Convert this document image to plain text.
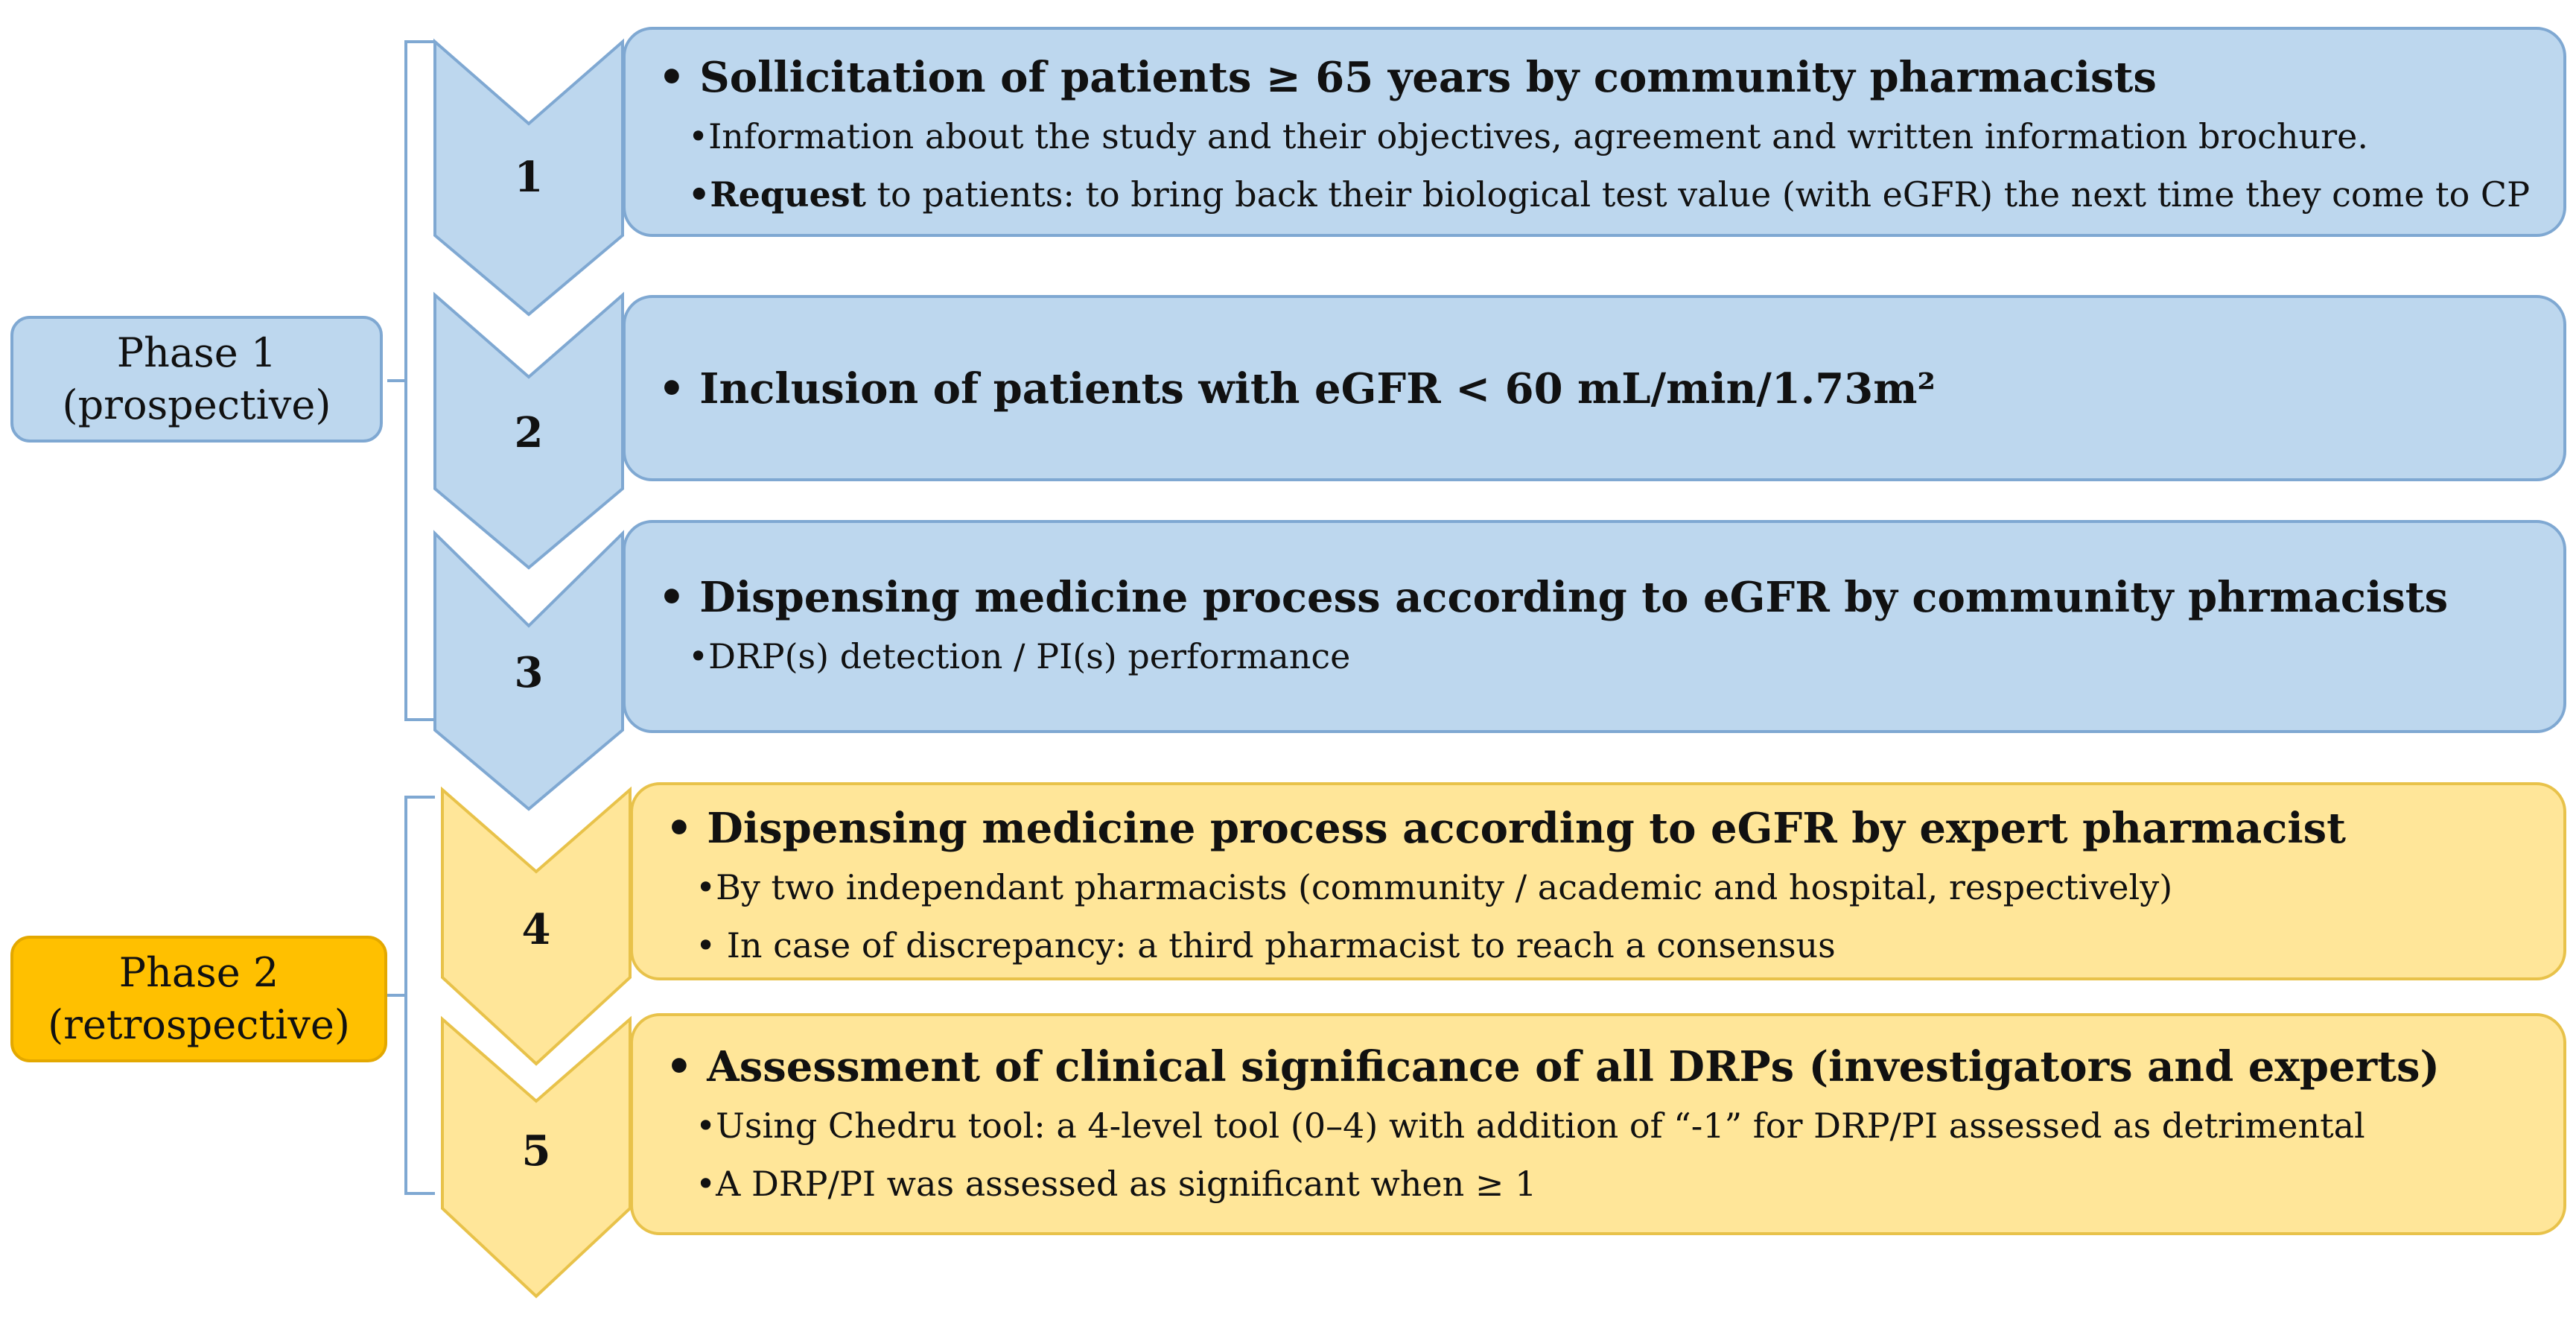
1
2
3
4
5
Phase 1
(prospective)
Phase 2
(retrospective)
• Sollicitation of patients ≥ 65 years by community pharmacists
•Information about the study and their objectives, agreement and written information brochure.
•Request to patients: to bring back their biological test value (with eGFR) the next time they come to CP
• Inclusion of patients with eGFR < 60 mL/min/1.73m²
• Dispensing medicine process according to eGFR by community phrmacists
•DRP(s) detection / PI(s) performance
• Dispensing medicine process according to eGFR by expert pharmacist
•By two independant pharmacists (community / academic and hospital, respectively)
• In case of discrepancy: a third pharmacist to reach a consensus
• Assessment of clinical significance of all DRPs (investigators and experts)
•Using Chedru tool: a 4-level tool (0–4) with addition of “-1” for DRP/PI assessed as detrimental
•A DRP/PI was assessed as significant when ≥ 1
